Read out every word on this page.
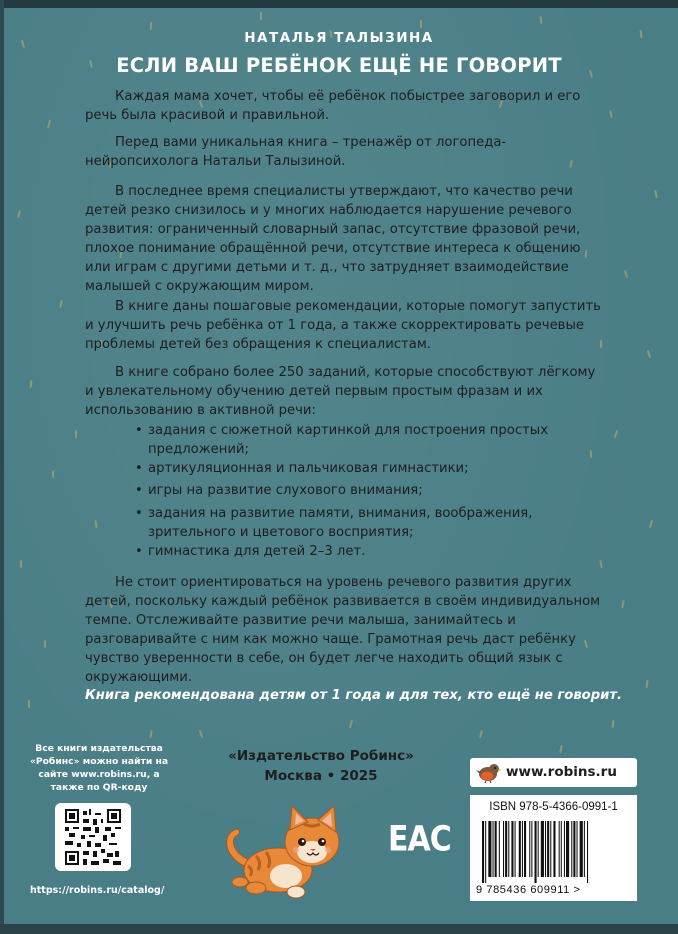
НАТАЛЬЯ ТАЛЫЗИНА
ЕСЛИ ВАШ РЕБЁНОК ЕЩЁ НЕ ГОВОРИТ

Каждая мама хочет, чтобы её ребёнок побыстрее заговорил и его речь была красивой и правильной.

Перед вами уникальная книга – тренажёр от логопеда-нейропсихолога Натальи Талызиной.

В последнее время специалисты утверждают, что качество речи детей резко снизилось и у многих наблюдается нарушение речевого развития: ограниченный словарный запас, отсутствие фразовой речи, плохое понимание обращённой речи, отсутствие интереса к общению или играм с другими детьми и т. д., что затрудняет взаимодействие малышей с окружающим миром.

В книге даны пошаговые рекомендации, которые помогут запустить и улучшить речь ребёнка от 1 года, а также скорректировать речевые проблемы детей без обращения к специалистам.

В книге собрано более 250 заданий, которые способствуют лёгкому и увлекательному обучению детей первым простым фразам и их использованию в активной речи:

• задания с сюжетной картинкой для построения простых предложений;
• артикуляционная и пальчиковая гимнастики;
• игры на развитие слухового внимания;
• задания на развитие памяти, внимания, воображения, зрительного и цветового восприятия;
• гимнастика для детей 2–3 лет.

Не стоит ориентироваться на уровень речевого развития других детей, поскольку каждый ребёнок развивается в своём индивидуальном темпе. Отслеживайте развитие речи малыша, занимайтесь и разговаривайте с ним как можно чаще. Грамотная речь даст ребёнку чувство уверенности в себе, он будет легче находить общий язык с окружающими.

Книга рекомендована детям от 1 года и для тех, кто ещё не говорит.

Все книги издательства «Робинс» можно найти на сайте www.robins.ru, а также по QR-коду
https://robins.ru/catalog/
«Издательство Робинс»
Москва • 2025
EAC
www.robins.ru
ISBN 978-5-4366-0991-1
9 785436 609911 >
